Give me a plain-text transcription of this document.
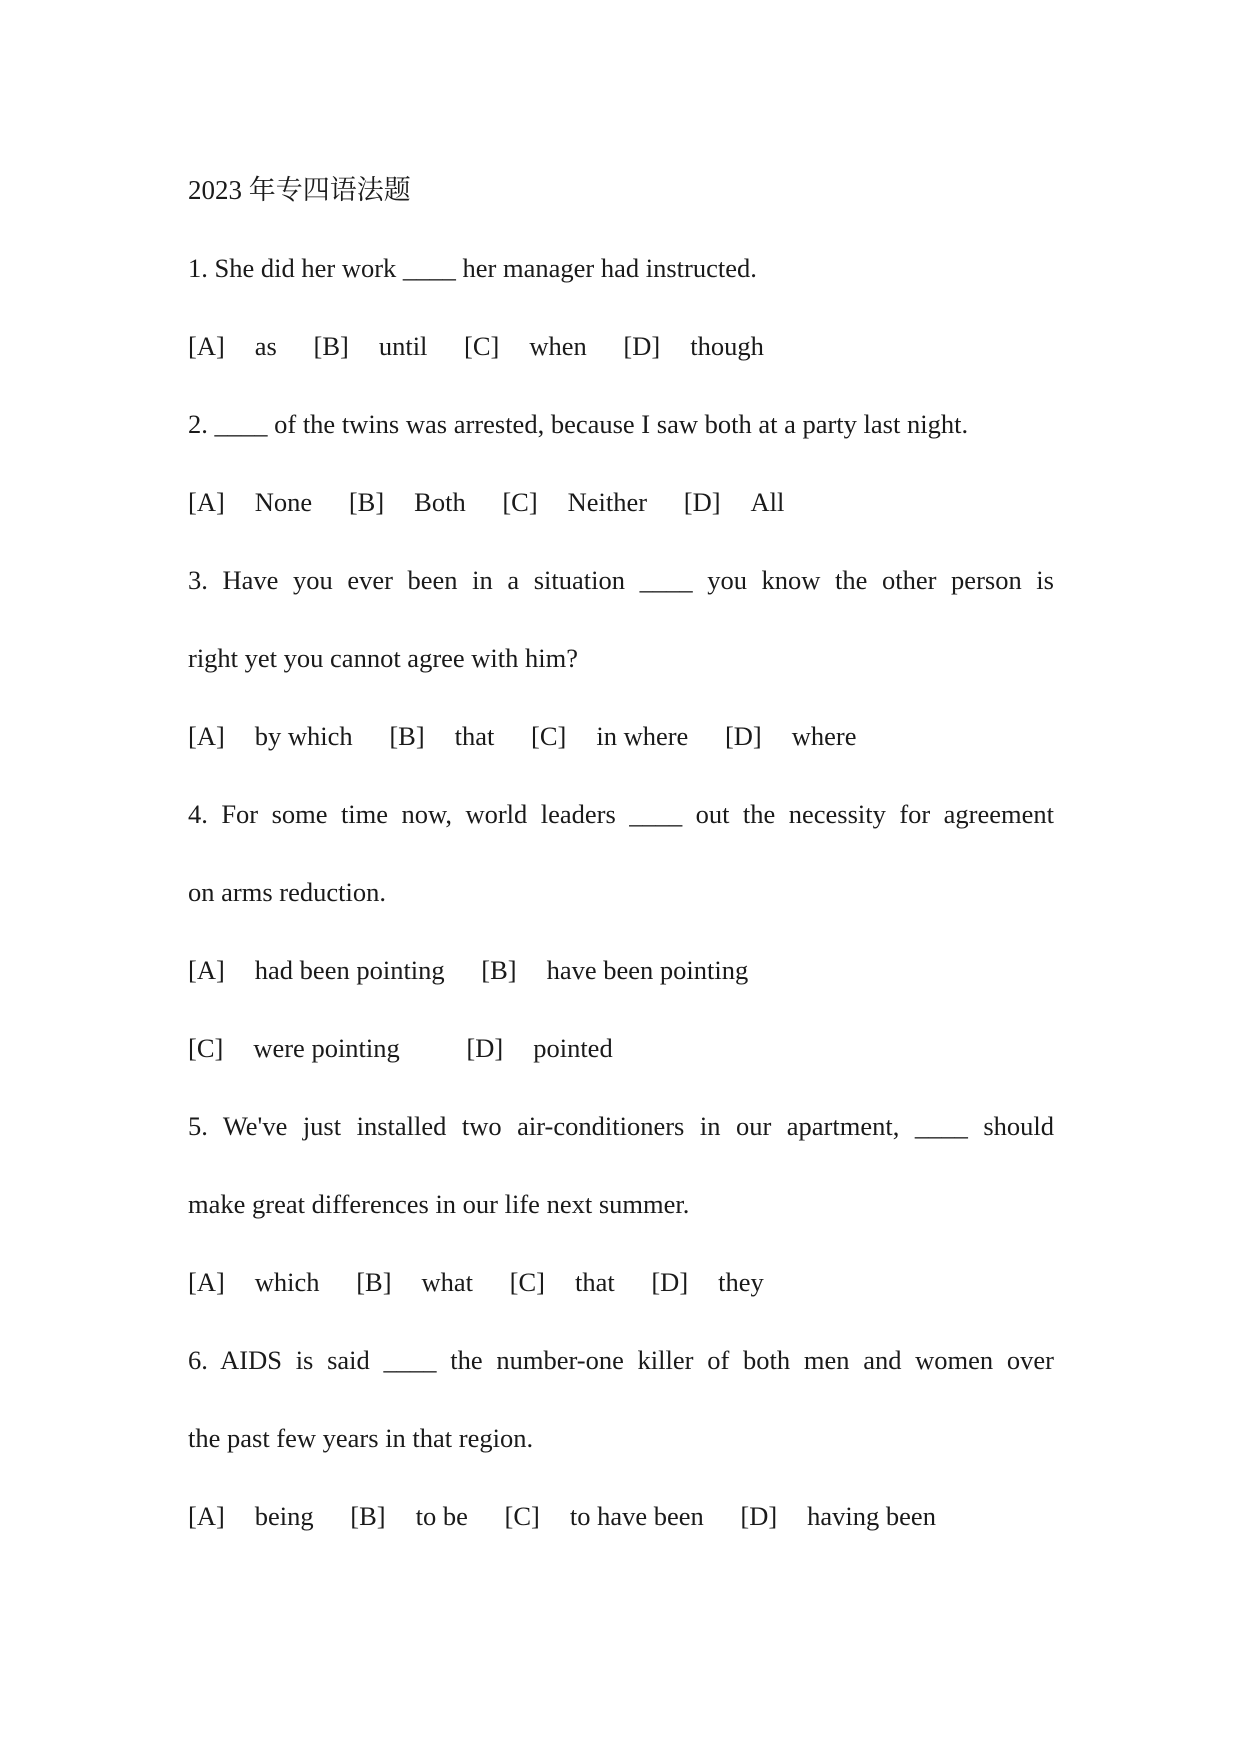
2023 年专四语法题
1. She did her work ____ her manager had instructed.
[A] as [B] until [C] when [D] though
2. ____ of the twins was arrested, because I saw both at a party last night.
[A] None [B] Both [C] Neither [D] All
3. Have you ever been in a situation ____ you know the other person is
right yet you cannot agree with him?
[A] by which [B] that [C] in where [D] where
4. For some time now, world leaders ____ out the necessity for agreement
on arms reduction.
[A] had been pointing [B] have been pointing
[C] were pointing	[D] pointed
5. We've just installed two air-conditioners in our apartment, ____ should
make great differences in our life next summer.
[A] which [B] what [C] that [D] they
6. AIDS is said ____ the number-one killer of both men and women over
the past few years in that region.
[A] being [B] to be [C] to have been [D] having been
